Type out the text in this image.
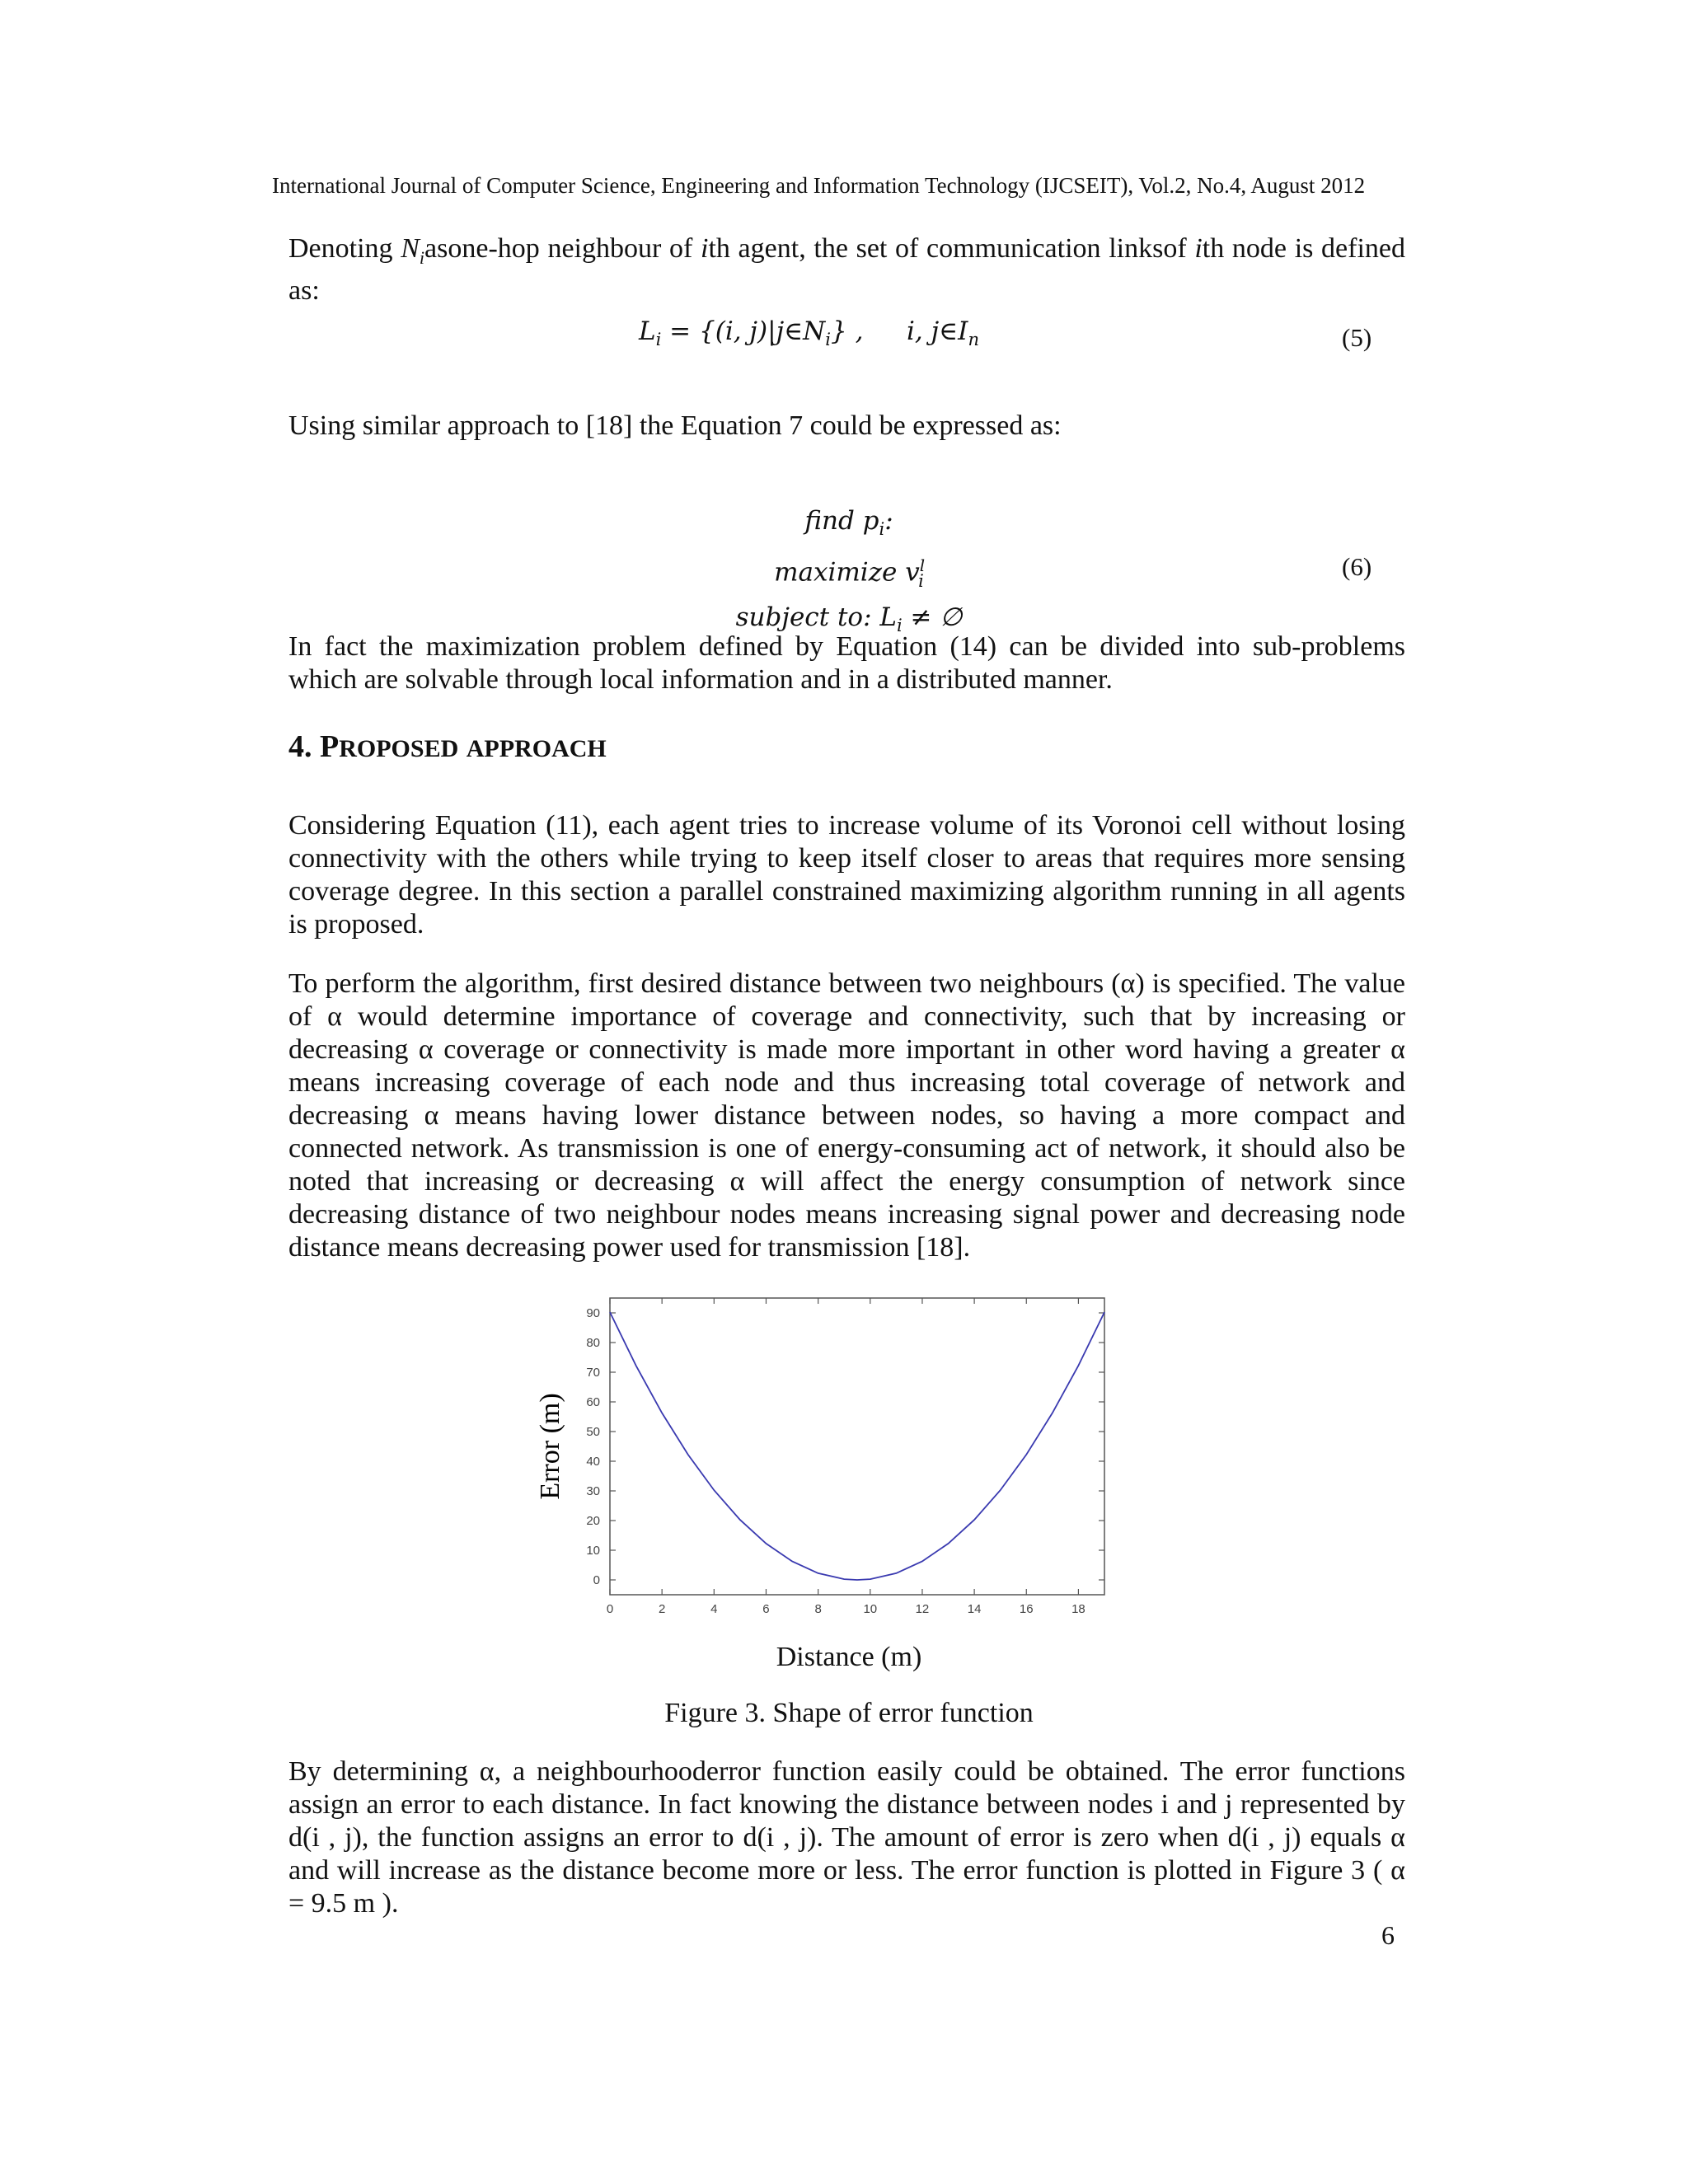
International Journal of Computer Science, Engineering and Information Technology (IJCSEIT), Vol.2, No.4, August 2012
Denoting $N_iasone$-hop neighbour of ith agent, the set of communication linksof ith node is defined as:
$L_i = \{(i$, $j)|j\in N_i$} , i, $j\in I_n$	(5)
Using similar approach to [18] the Equation 7 could be expressed as:
find $p_i$:
maximize $v^l_i$
subject to: $L_i$ ≠ ∅
(6)
In fact the maximization problem defined by Equation (14) can be divided into sub-problems which are solvable through local information and in a distributed manner.
4. PROPOSED APPROACH
Considering Equation (11), each agent tries to increase volume of its Voronoi cell without losing connectivity with the others while trying to keep itself closer to areas that requires more sensing coverage degree. In this section a parallel constrained maximizing algorithm running in all agents is proposed.
To perform the algorithm, first desired distance between two neighbours (α) is specified. The value of α would determine importance of coverage and connectivity, such that by increasing or decreasing α coverage or connectivity is made more important in other word having a greater α means increasing coverage of each node and thus increasing total coverage of network and decreasing α means having lower distance between nodes, so having a more compact and connected network. As transmission is one of energy-consuming act of network, it should also be noted that increasing or decreasing α will affect the energy consumption of network since decreasing distance of two neighbour nodes means increasing signal power and decreasing node distance means decreasing power used for transmission [18].
0	2	4	6	8	10	12	14	16	18
0
10
20
30
40
50
60
70
80
90
Error (m)
Distance (m)
Figure 3. Shape of error function
By determining α, a neighbourhooderror function easily could be obtained. The error functions assign an error to each distance. In fact knowing the distance between nodes i and j represented by d(i , j), the function assigns an error to d(i , j). The amount of error is zero when d(i , j) equals α and will increase as the distance become more or less. The error function is plotted in Figure 3 ( α = 9.5 m ).
6
